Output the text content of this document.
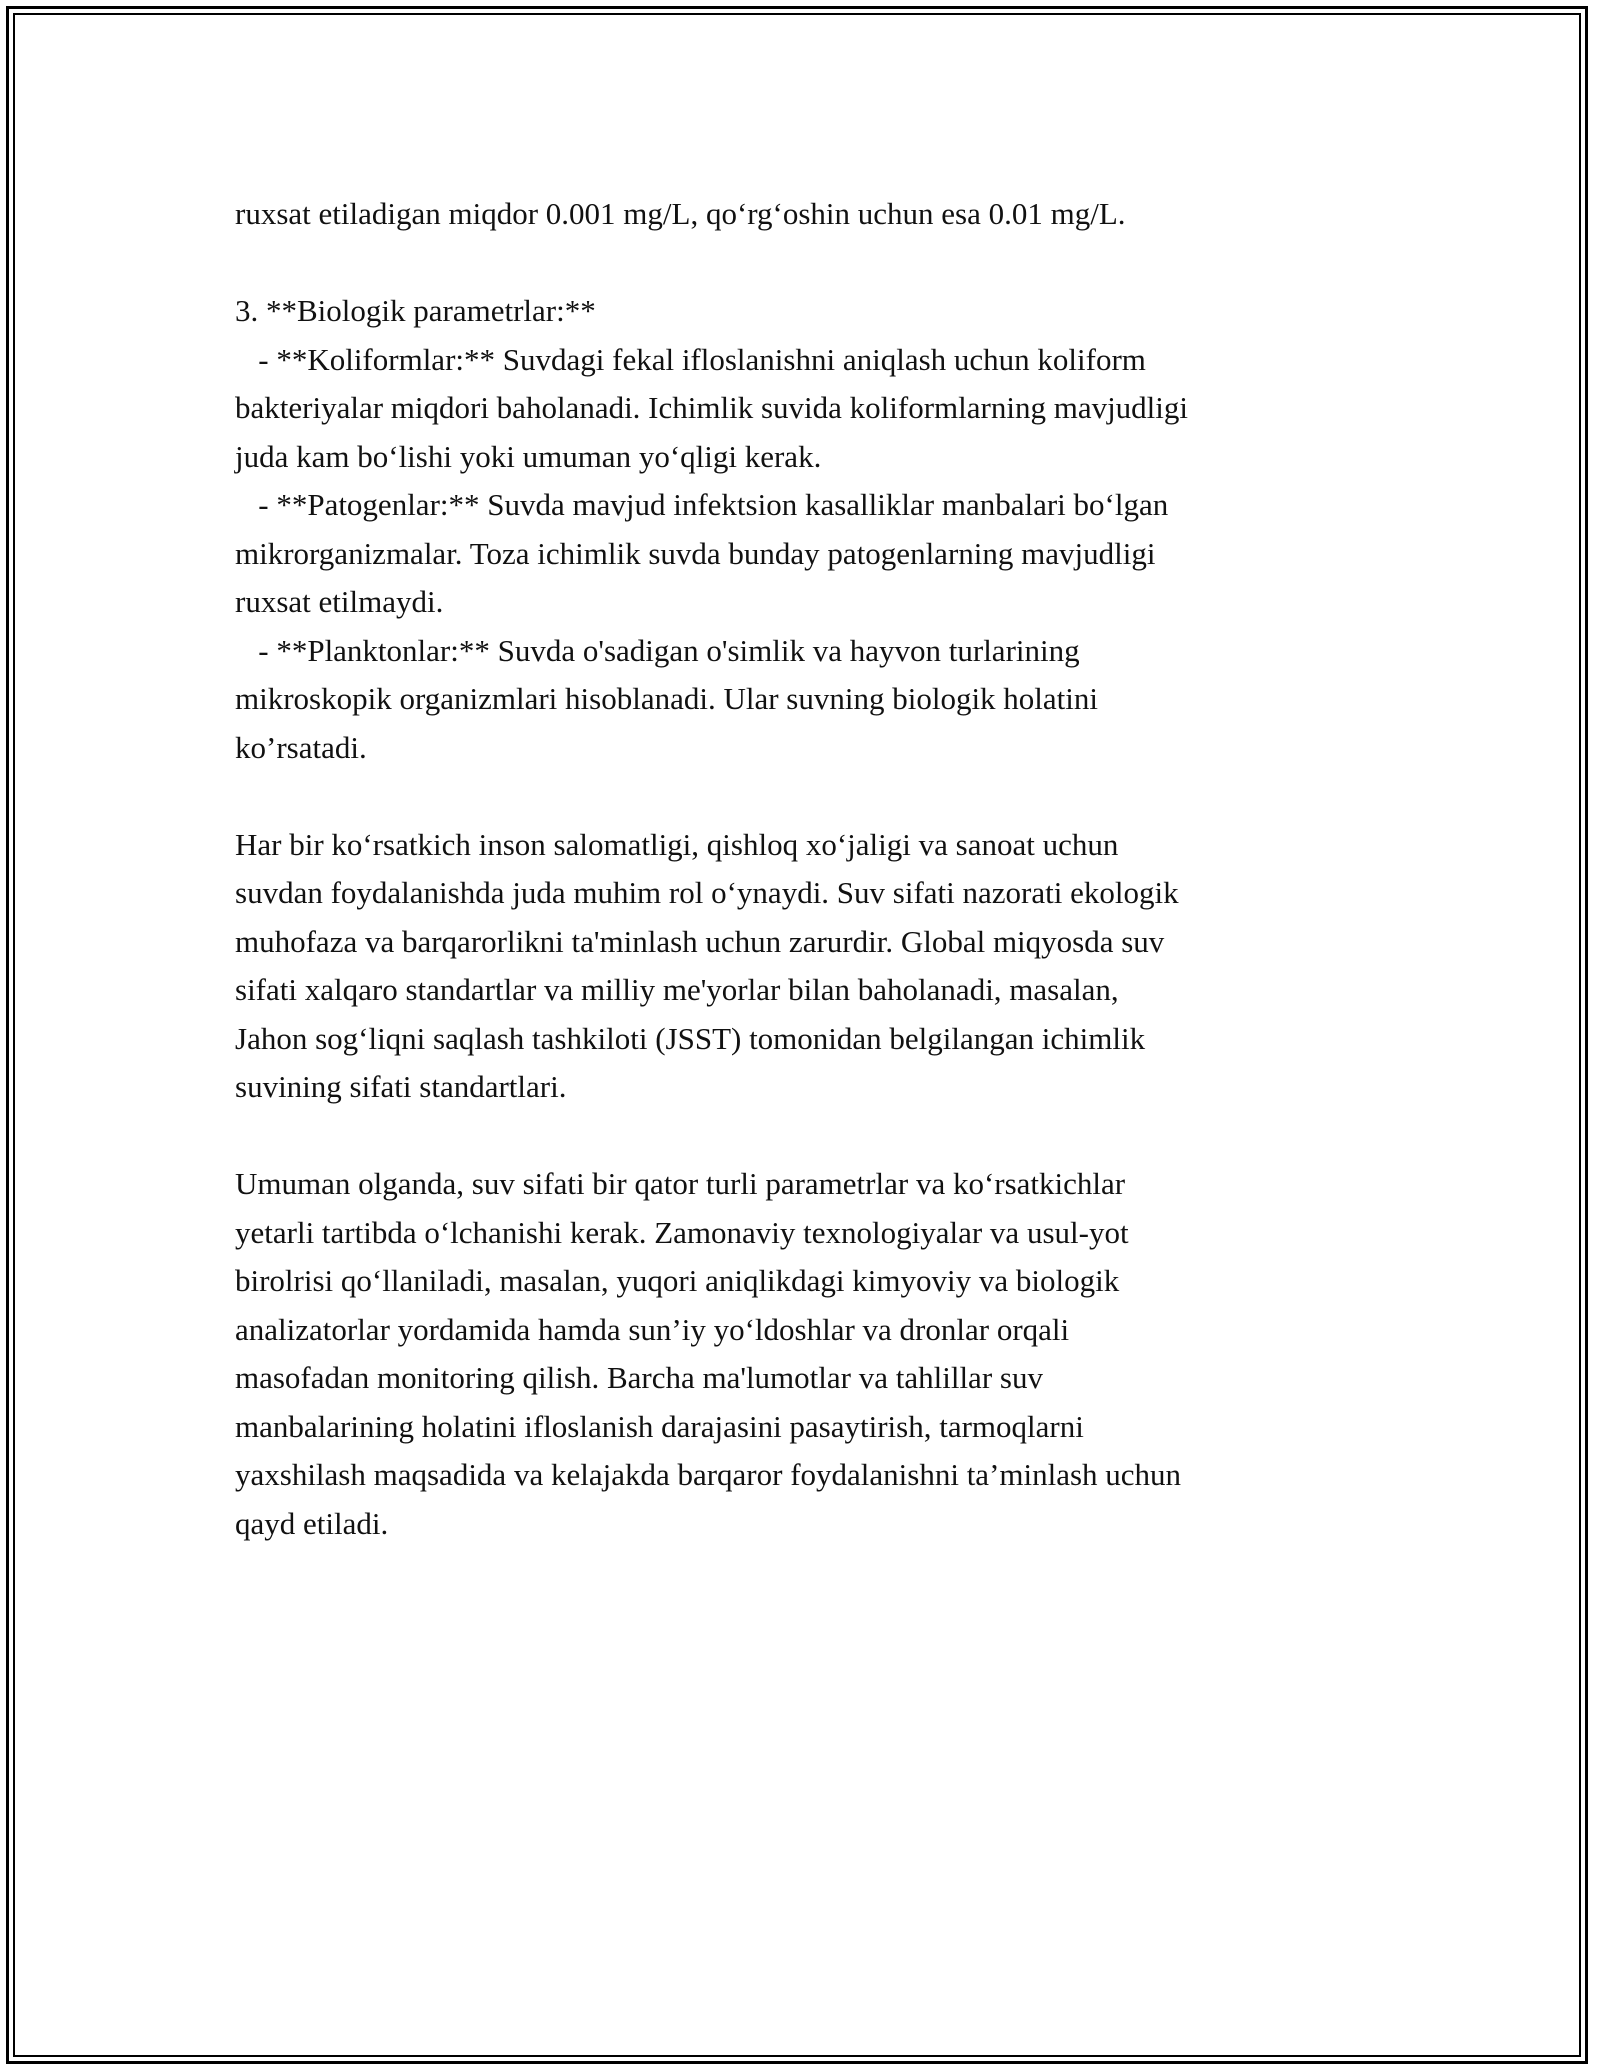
ruxsat etiladigan miqdor 0.001 mg/L, qo‘rg‘oshin uchun esa 0.01 mg/L.
3. **Biologik parametrlar:**
- **Koliformlar:** Suvdagi fekal ifloslanishni aniqlash uchun koliform
bakteriyalar miqdori baholanadi. Ichimlik suvida koliformlarning mavjudligi
juda kam bo‘lishi yoki umuman yo‘qligi kerak.
- **Patogenlar:** Suvda mavjud infektsion kasalliklar manbalari bo‘lgan
mikrorganizmalar. Toza ichimlik suvda bunday patogenlarning mavjudligi
ruxsat etilmaydi.
- **Planktonlar:** Suvda o'sadigan o'simlik va hayvon turlarining
mikroskopik organizmlari hisoblanadi. Ular suvning biologik holatini
ko’rsatadi.
Har bir ko‘rsatkich inson salomatligi, qishloq xo‘jaligi va sanoat uchun
suvdan foydalanishda juda muhim rol o‘ynaydi. Suv sifati nazorati ekologik
muhofaza va barqarorlikni ta'minlash uchun zarurdir. Global miqyosda suv
sifati xalqaro standartlar va milliy me'yorlar bilan baholanadi, masalan,
Jahon sog‘liqni saqlash tashkiloti (JSST) tomonidan belgilangan ichimlik
suvining sifati standartlari.
Umuman olganda, suv sifati bir qator turli parametrlar va ko‘rsatkichlar
yetarli tartibda o‘lchanishi kerak. Zamonaviy texnologiyalar va usul-yot
birolrisi qo‘llaniladi, masalan, yuqori aniqlikdagi kimyoviy va biologik
analizatorlar yordamida hamda sun’iy yo‘ldoshlar va dronlar orqali
masofadan monitoring qilish. Barcha ma'lumotlar va tahlillar suv
manbalarining holatini ifloslanish darajasini pasaytirish, tarmoqlarni
yaxshilash maqsadida va kelajakda barqaror foydalanishni ta’minlash uchun
qayd etiladi.
